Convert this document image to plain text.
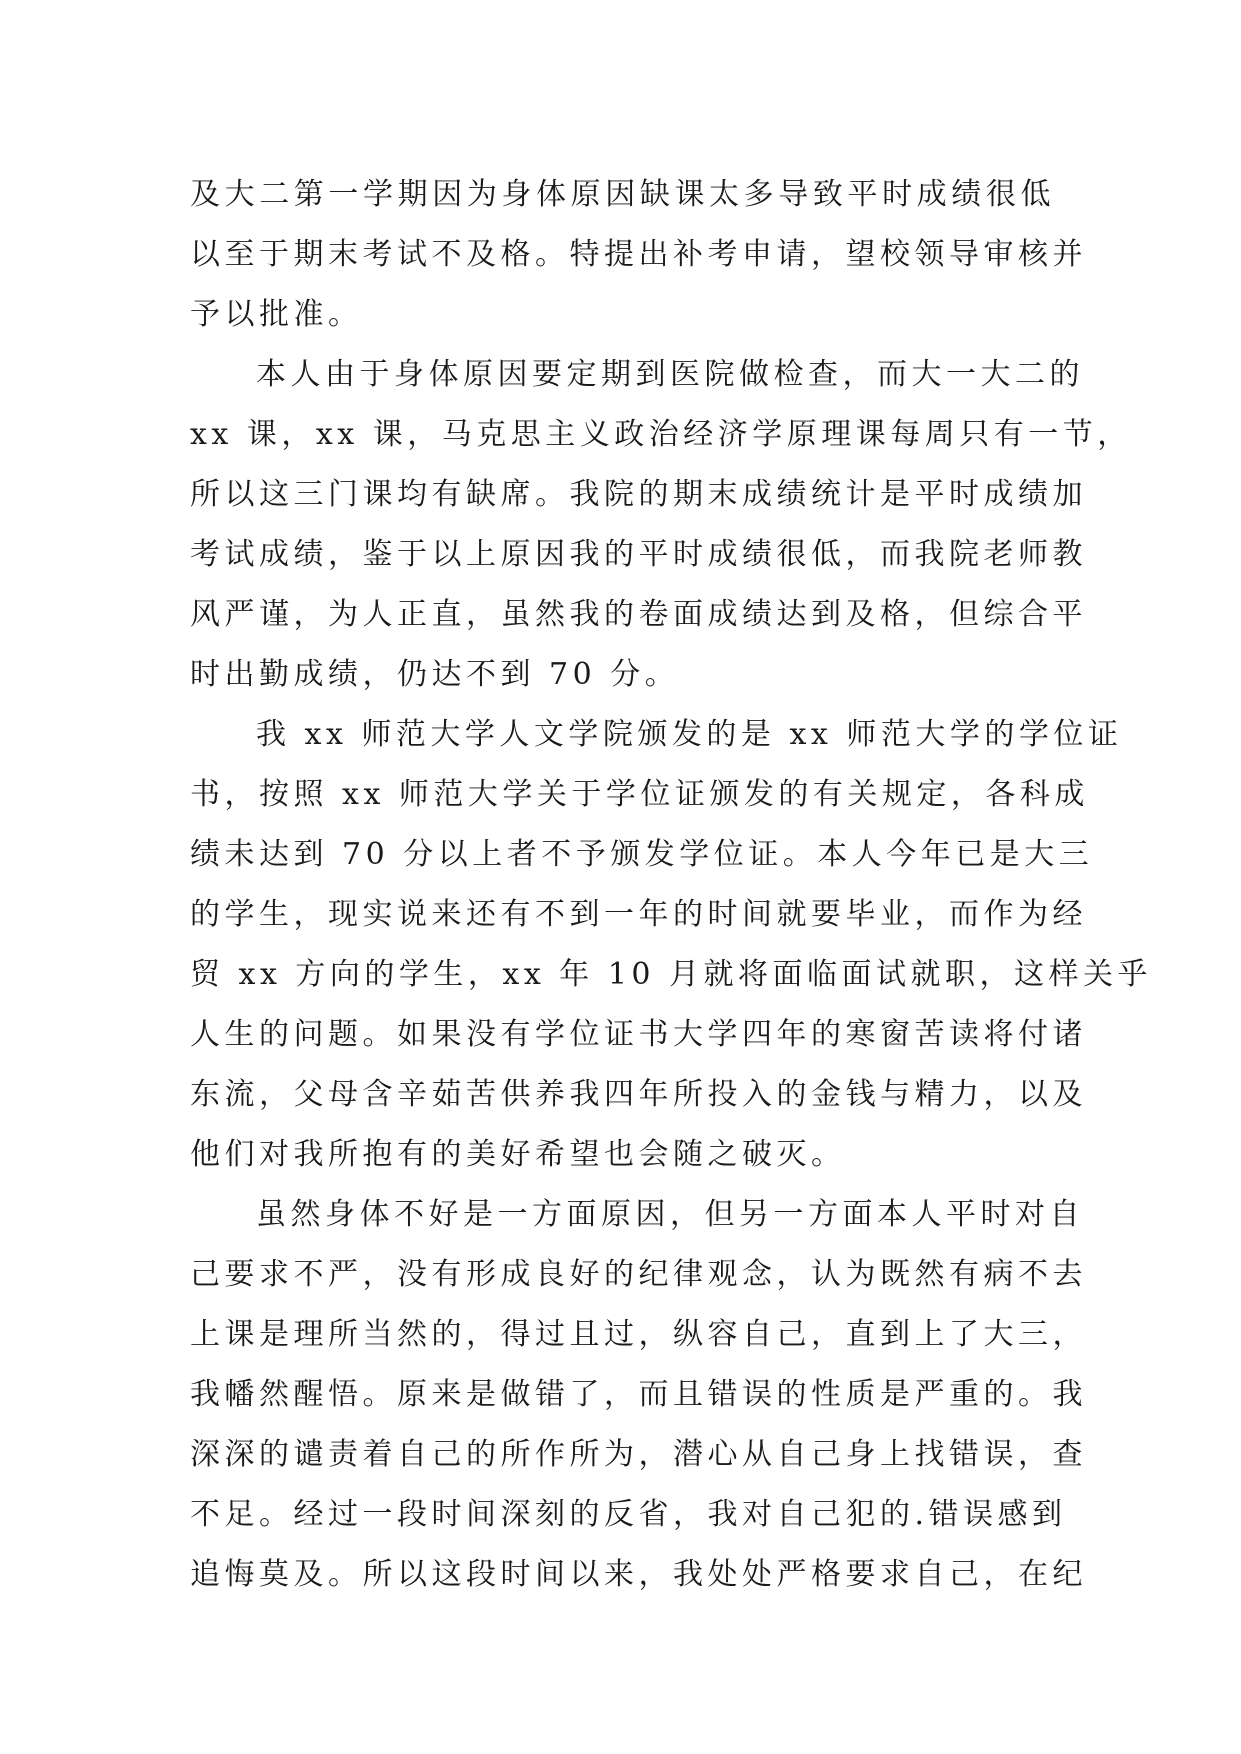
及大二第一学期因为身体原因缺课太多导致平时成绩很低
以至于期末考试不及格。特提出补考申请，望校领导审核并
予以批准。
本人由于身体原因要定期到医院做检查，而大一大二的
xx 课，xx 课，马克思主义政治经济学原理课每周只有一节，
所以这三门课均有缺席。我院的期末成绩统计是平时成绩加
考试成绩，鉴于以上原因我的平时成绩很低，而我院老师教
风严谨，为人正直，虽然我的卷面成绩达到及格，但综合平
时出勤成绩，仍达不到 70 分。
我 xx 师范大学人文学院颁发的是 xx 师范大学的学位证
书，按照 xx 师范大学关于学位证颁发的有关规定，各科成
绩未达到 70 分以上者不予颁发学位证。本人今年已是大三
的学生，现实说来还有不到一年的时间就要毕业，而作为经
贸 xx 方向的学生，xx 年 10 月就将面临面试就职，这样关乎
人生的问题。如果没有学位证书大学四年的寒窗苦读将付诸
东流，父母含辛茹苦供养我四年所投入的金钱与精力，以及
他们对我所抱有的美好希望也会随之破灭。
虽然身体不好是一方面原因，但另一方面本人平时对自
己要求不严，没有形成良好的纪律观念，认为既然有病不去
上课是理所当然的，得过且过，纵容自己，直到上了大三，
我幡然醒悟。原来是做错了，而且错误的性质是严重的。我
深深的谴责着自己的所作所为，潜心从自己身上找错误，查
不足。经过一段时间深刻的反省，我对自己犯的.错误感到
追悔莫及。所以这段时间以来，我处处严格要求自己，在纪
